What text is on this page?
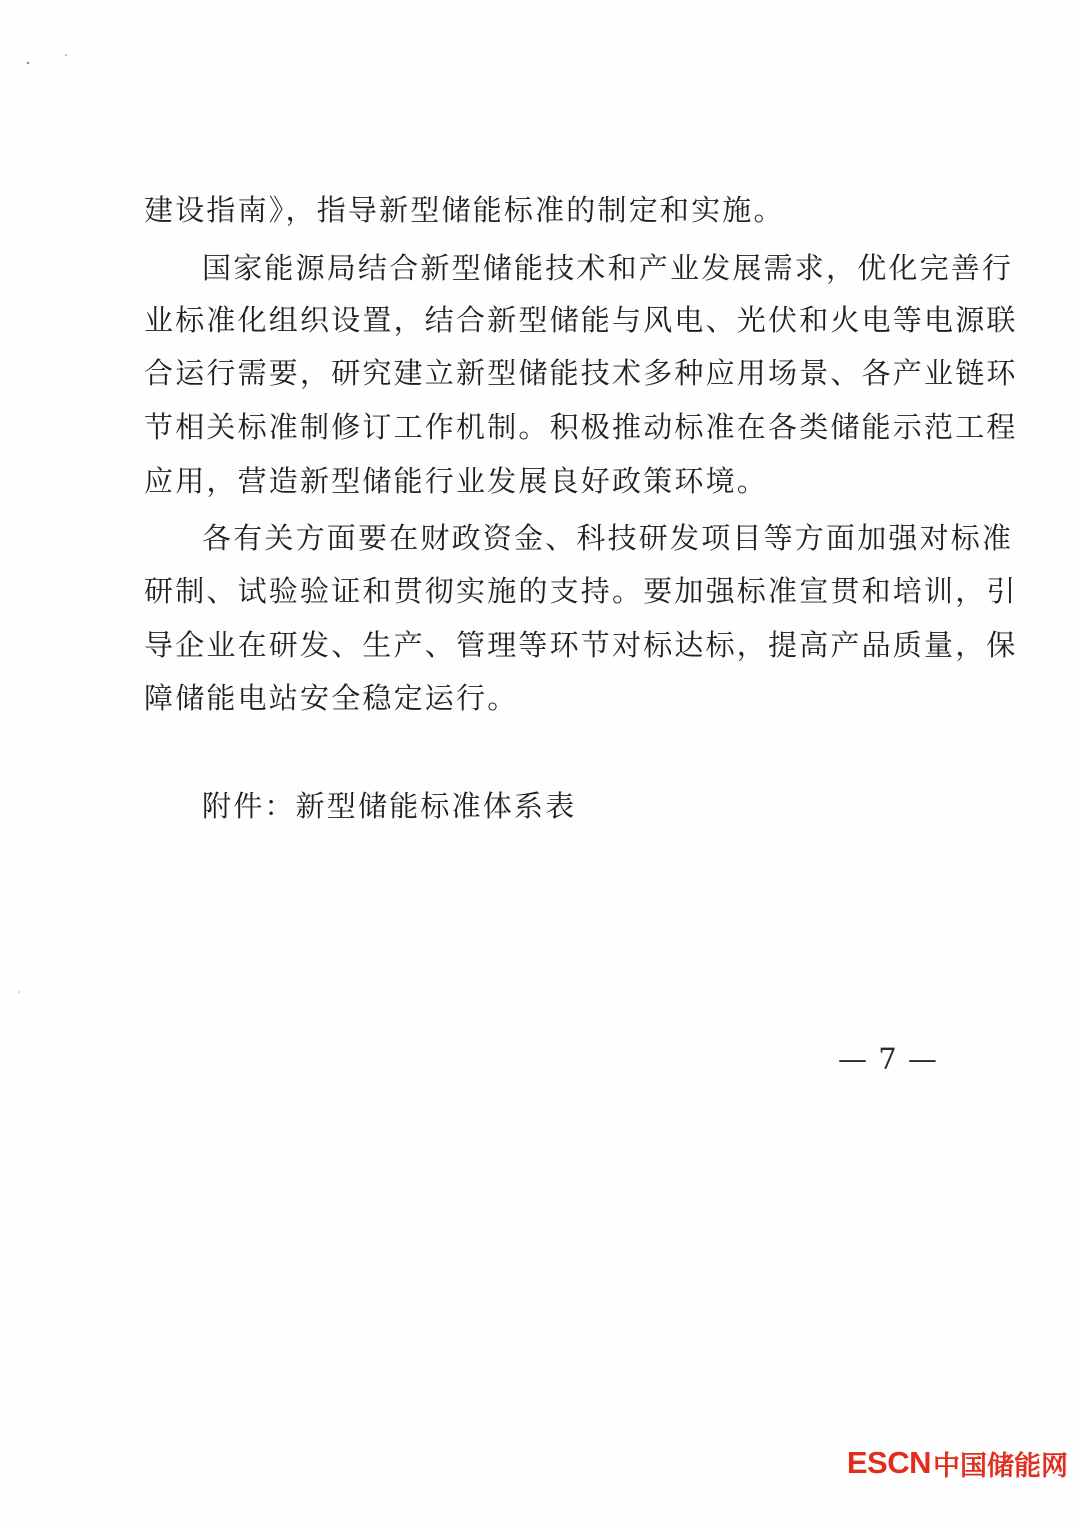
建设指南》，指导新型储能标准的制定和实施。
国家能源局结合新型储能技术和产业发展需求，优化完善行
业标准化组织设置，结合新型储能与风电、光伏和火电等电源联
合运行需要，研究建立新型储能技术多种应用场景、各产业链环
节相关标准制修订工作机制。积极推动标准在各类储能示范工程
应用，营造新型储能行业发展良好政策环境。
各有关方面要在财政资金、科技研发项目等方面加强对标准
研制、试验验证和贯彻实施的支持。要加强标准宣贯和培训，引
导企业在研发、生产、管理等环节对标达标，提高产品质量，保
障储能电站安全稳定运行。
附件：新型储能标准体系表
— 7 —
ESCN 中国储能网
